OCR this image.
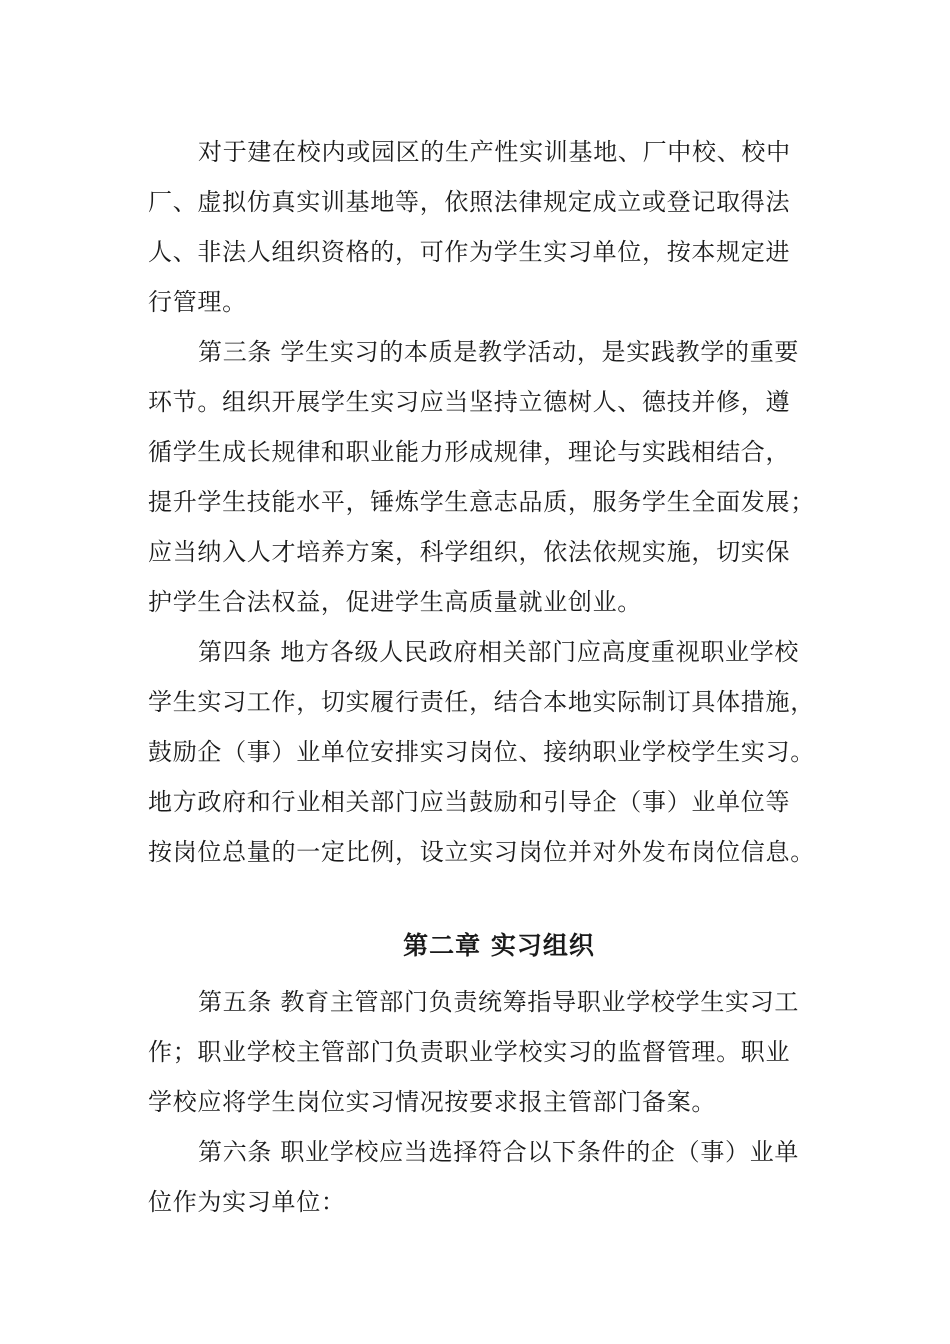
对于建在校内或园区的生产性实训基地、厂中校、校中
厂、虚拟仿真实训基地等，依照法律规定成立或登记取得法
人、非法人组织资格的，可作为学生实习单位，按本规定进
行管理。
第三条 学生实习的本质是教学活动，是实践教学的重要
环节。组织开展学生实习应当坚持立德树人、德技并修，遵
循学生成长规律和职业能力形成规律，理论与实践相结合，
提升学生技能水平，锤炼学生意志品质，服务学生全面发展；
应当纳入人才培养方案，科学组织，依法依规实施，切实保
护学生合法权益，促进学生高质量就业创业。
第四条 地方各级人民政府相关部门应高度重视职业学校
学生实习工作，切实履行责任，结合本地实际制订具体措施，
鼓励企（事）业单位安排实习岗位、接纳职业学校学生实习。
地方政府和行业相关部门应当鼓励和引导企（事）业单位等
按岗位总量的一定比例，设立实习岗位并对外发布岗位信息。
第二章 实习组织
第五条 教育主管部门负责统筹指导职业学校学生实习工
作；职业学校主管部门负责职业学校实习的监督管理。职业
学校应将学生岗位实习情况按要求报主管部门备案。
第六条 职业学校应当选择符合以下条件的企（事）业单
位作为实习单位：
